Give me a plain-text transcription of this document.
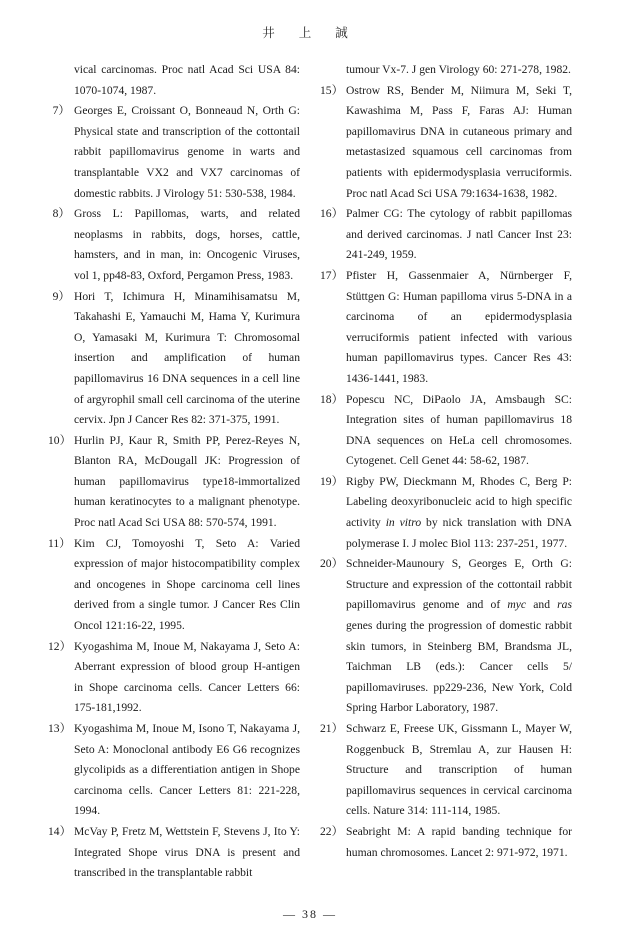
井 上 誠
vical carcinomas. Proc natl Acad Sci USA 84: 1070-1074, 1987.
7） Georges E, Croissant O, Bonneaud N, Orth G: Physical state and transcription of the cottontail rabbit papillomavirus genome in warts and transplantable VX2 and VX7 carcinomas of domestic rabbits. J Virology 51: 530-538, 1984.
8） Gross L: Papillomas, warts, and related neoplasms in rabbits, dogs, horses, cattle, hamsters, and in man, in: Oncogenic Viruses, vol 1, pp48-83, Oxford, Pergamon Press, 1983.
9） Hori T, Ichimura H, Minamihisamatsu M, Takahashi E, Yamauchi M, Hama Y, Kurimura O, Yamasaki M, Kurimura T: Chromosomal insertion and amplification of human papillomavirus 16 DNA sequences in a cell line of argyrophil small cell carcinoma of the uterine cervix. Jpn J Cancer Res 82: 371-375, 1991.
10） Hurlin PJ, Kaur R, Smith PP, Perez-Reyes N, Blanton RA, McDougall JK: Progression of human papillomavirus type18-immortalized human keratinocytes to a malignant phenotype. Proc natl Acad Sci USA 88: 570-574, 1991.
11） Kim CJ, Tomoyoshi T, Seto A: Varied expression of major histocompatibility complex and oncogenes in Shope carcinoma cell lines derived from a single tumor. J Cancer Res Clin Oncol 121:16-22, 1995.
12） Kyogashima M, Inoue M, Nakayama J, Seto A: Aberrant expression of blood group H-antigen in Shope carcinoma cells. Cancer Letters 66: 175-181,1992.
13） Kyogashima M, Inoue M, Isono T, Nakayama J, Seto A: Monoclonal antibody E6 G6 recognizes glycolipids as a differentiation antigen in Shope carcinoma cells. Cancer Letters 81: 221-228, 1994.
14） McVay P, Fretz M, Wettstein F, Stevens J, Ito Y: Integrated Shope virus DNA is present and transcribed in the transplantable rabbit
tumour Vx-7. J gen Virology 60: 271-278, 1982.
15） Ostrow RS, Bender M, Niimura M, Seki T, Kawashima M, Pass F, Faras AJ: Human papillomavirus DNA in cutaneous primary and metastasized squamous cell carcinomas from patients with epidermodysplasia verruciformis. Proc natl Acad Sci USA 79:1634-1638, 1982.
16） Palmer CG: The cytology of rabbit papillomas and derived carcinomas. J natl Cancer Inst 23: 241-249, 1959.
17） Pfister H, Gassenmaier A, Nürnberger F, Stüttgen G: Human papilloma virus 5-DNA in a carcinoma of an epidermodysplasia verruciformis patient infected with various human papillomavirus types. Cancer Res 43: 1436-1441, 1983.
18） Popescu NC, DiPaolo JA, Amsbaugh SC: Integration sites of human papillomavirus 18 DNA sequences on HeLa cell chromosomes. Cytogenet. Cell Genet 44: 58-62, 1987.
19） Rigby PW, Dieckmann M, Rhodes C, Berg P: Labeling deoxyribonucleic acid to high specific activity in vitro by nick translation with DNA polymerase I. J molec Biol 113: 237-251, 1977.
20） Schneider-Maunoury S, Georges E, Orth G: Structure and expression of the cottontail rabbit papillomavirus genome and of myc and ras genes during the progression of domestic rabbit skin tumors, in Steinberg BM, Brandsma JL, Taichman LB (eds.): Cancer cells 5/ papillomaviruses. pp229-236, New York, Cold Spring Harbor Laboratory, 1987.
21） Schwarz E, Freese UK, Gissmann L, Mayer W, Roggenbuck B, Stremlau A, zur Hausen H: Structure and transcription of human papillomavirus sequences in cervical carcinoma cells. Nature 314: 111-114, 1985.
22） Seabright M: A rapid banding technique for human chromosomes. Lancet 2: 971-972, 1971.
— 38 —
